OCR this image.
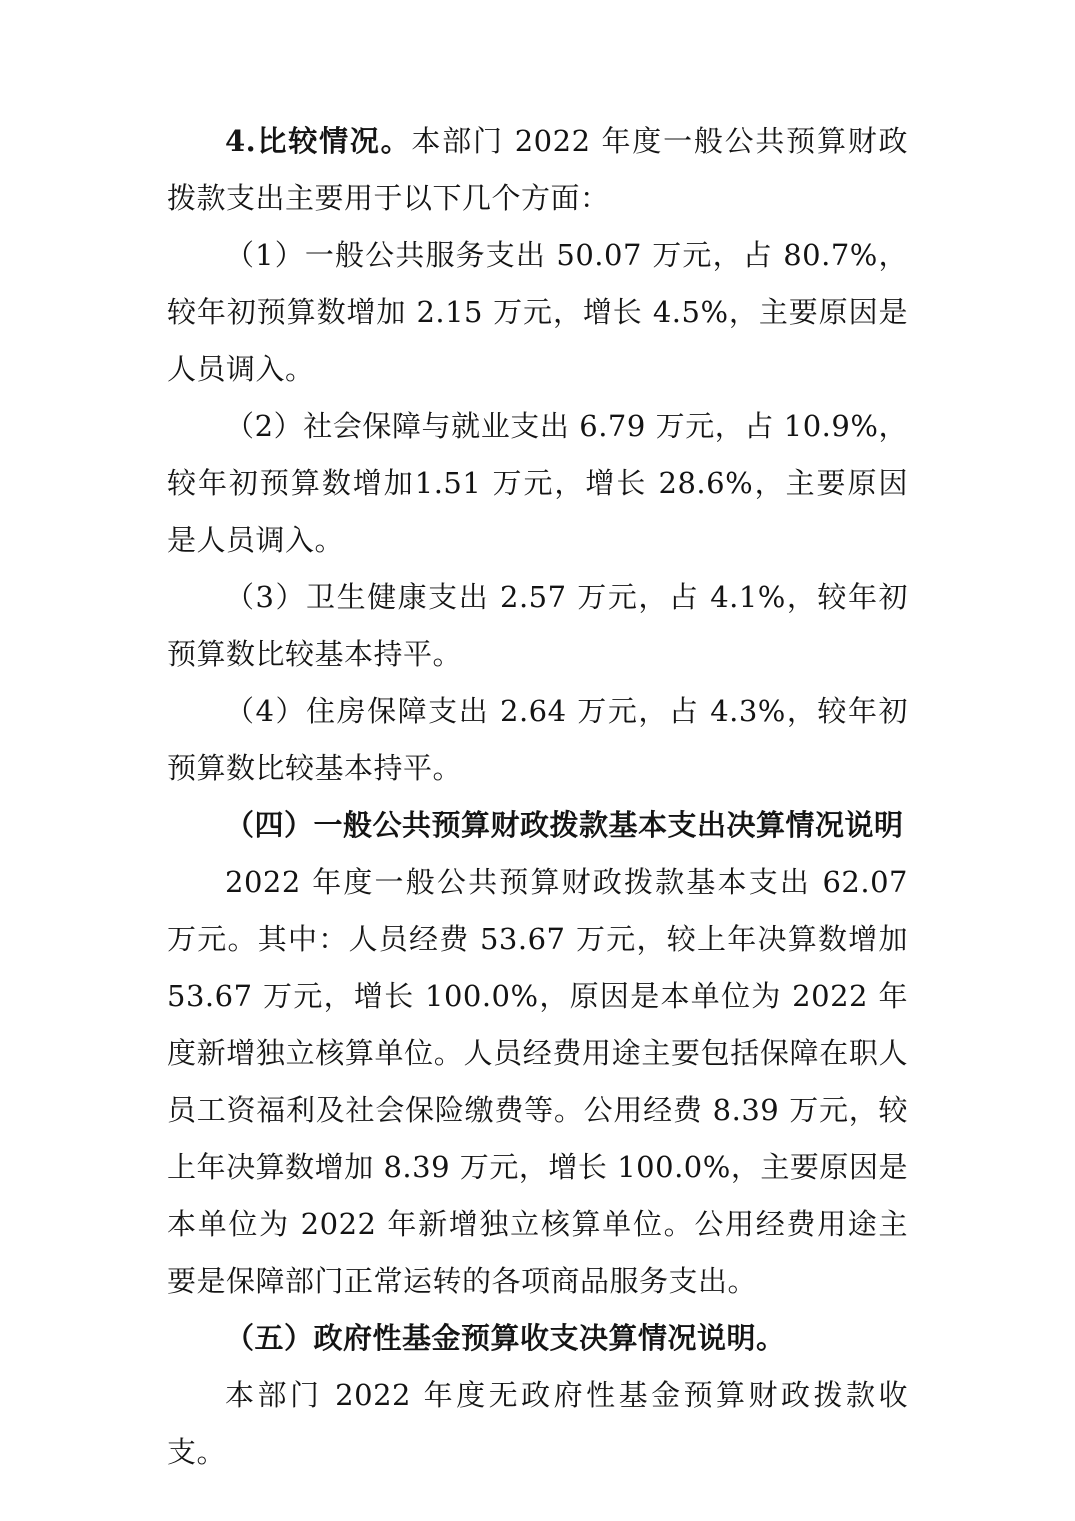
4.比较情况。本部门 2022 年度一般公共预算财政拨款支出主要用于以下几个方面：

（1）一般公共服务支出 50.07 万元，占 80.7%，较年初预算数增加 2.15 万元，增长 4.5%，主要原因是人员调入。

（2）社会保障与就业支出 6.79 万元，占 10.9%，较年初预算数增加1.51 万元，增长 28.6%，主要原因是人员调入。

（3）卫生健康支出 2.57 万元，占 4.1%，较年初预算数比较基本持平。

（4）住房保障支出 2.64 万元，占 4.3%，较年初预算数比较基本持平。

（四）一般公共预算财政拨款基本支出决算情况说明

2022 年度一般公共预算财政拨款基本支出 62.07 万元。其中：人员经费 53.67 万元，较上年决算数增加 53.67 万元，增长 100.0%，原因是本单位为 2022 年度新增独立核算单位。人员经费用途主要包括保障在职人员工资福利及社会保险缴费等。公用经费 8.39 万元，较上年决算数增加 8.39 万元，增长 100.0%，主要原因是本单位为 2022 年新增独立核算单位。公用经费用途主要是保障部门正常运转的各项商品服务支出。

（五）政府性基金预算收支决算情况说明。

本部门 2022 年度无政府性基金预算财政拨款收支。
